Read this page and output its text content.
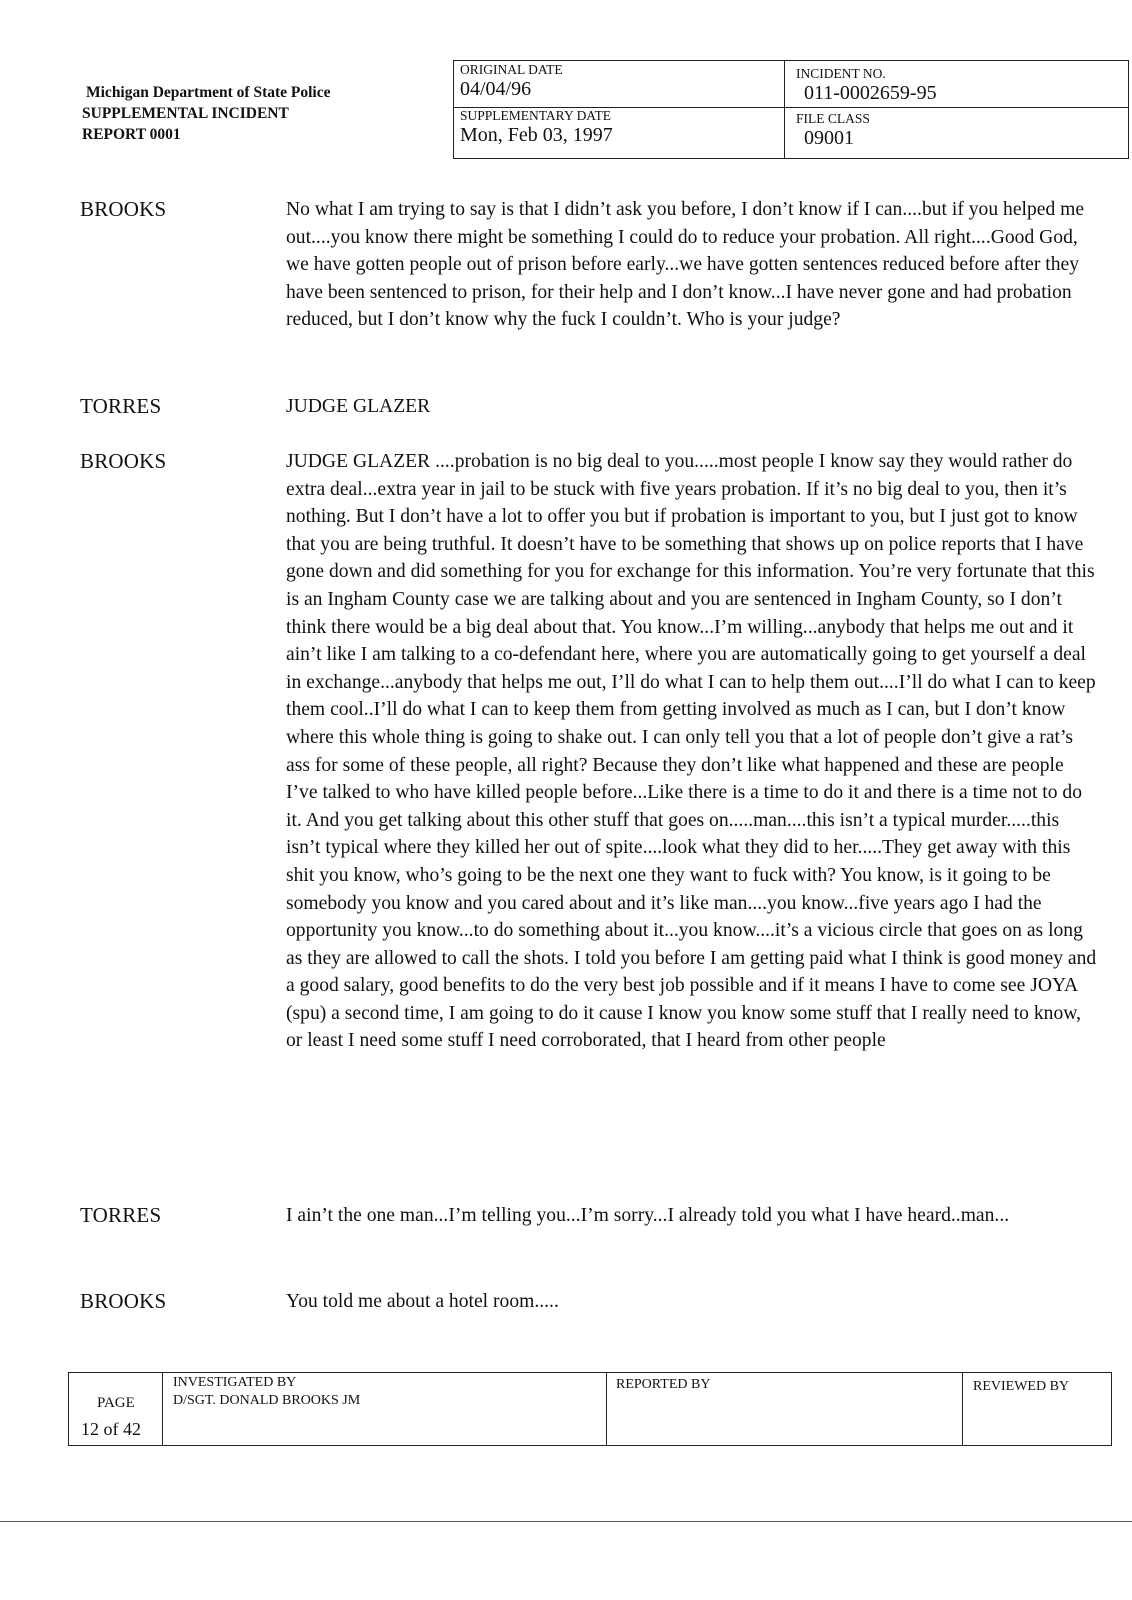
Michigan Department of State Police
SUPPLEMENTAL INCIDENT
REPORT 0001
ORIGINAL DATE
04/04/96
SUPPLEMENTARY DATE
Mon, Feb 03, 1997
INCIDENT NO.
011-0002659-95
FILE CLASS
09001
BROOKS	No what I am trying to say is that I didn’t ask you before, I don’t know if I can....but if you helped me out....you know there might be something I could do to reduce your probation. All right....Good God, we have gotten people out of prison before early...we have gotten sentences reduced before after they have been sentenced to prison, for their help and I don’t know...I have never gone and had probation reduced, but I don’t know why the fuck I couldn’t. Who is your judge?
TORRES	JUDGE GLAZER
BROOKS	JUDGE GLAZER ....probation is no big deal to you.....most people I know say they would rather do extra deal...extra year in jail to be stuck with five years probation. If it’s no big deal to you, then it’s nothing. But I don’t have a lot to offer you but if probation is important to you, but I just got to know that you are being truthful. It doesn’t have to be something that shows up on police reports that I have gone down and did something for you for exchange for this information. You’re very fortunate that this is an Ingham County case we are talking about and you are sentenced in Ingham County, so I don’t think there would be a big deal about that. You know...I’m willing...anybody that helps me out and it ain’t like I am talking to a co-defendant here, where you are automatically going to get yourself a deal in exchange...anybody that helps me out, I’ll do what I can to help them out....I’ll do what I can to keep them cool..I’ll do what I can to keep them from getting involved as much as I can, but I don’t know where this whole thing is going to shake out. I can only tell you that a lot of people don’t give a rat’s ass for some of these people, all right? Because they don’t like what happened and these are people I’ve talked to who have killed people before...Like there is a time to do it and there is a time not to do it. And you get talking about this other stuff that goes on.....man....this isn’t a typical murder.....this isn’t typical where they killed her out of spite....look what they did to her.....They get away with this shit you know, who’s going to be the next one they want to fuck with? You know, is it going to be somebody you know and you cared about and it’s like man....you know...five years ago I had the opportunity you know...to do something about it...you know....it’s a vicious circle that goes on as long as they are allowed to call the shots. I told you before I am getting paid what I think is good money and a good salary, good benefits to do the very best job possible and if it means I have to come see JOYA (spu) a second time, I am going to do it cause I know you know some stuff that I really need to know, or least I need some stuff I need corroborated, that I heard from other people
TORRES	I ain’t the one man...I’m telling you...I’m sorry...I already told you what I have heard..man...
BROOKS	You told me about a hotel room.....
PAGE
12 of 42
INVESTIGATED BY
D/SGT. DONALD BROOKS JM
REPORTED BY	REVIEWED BY
